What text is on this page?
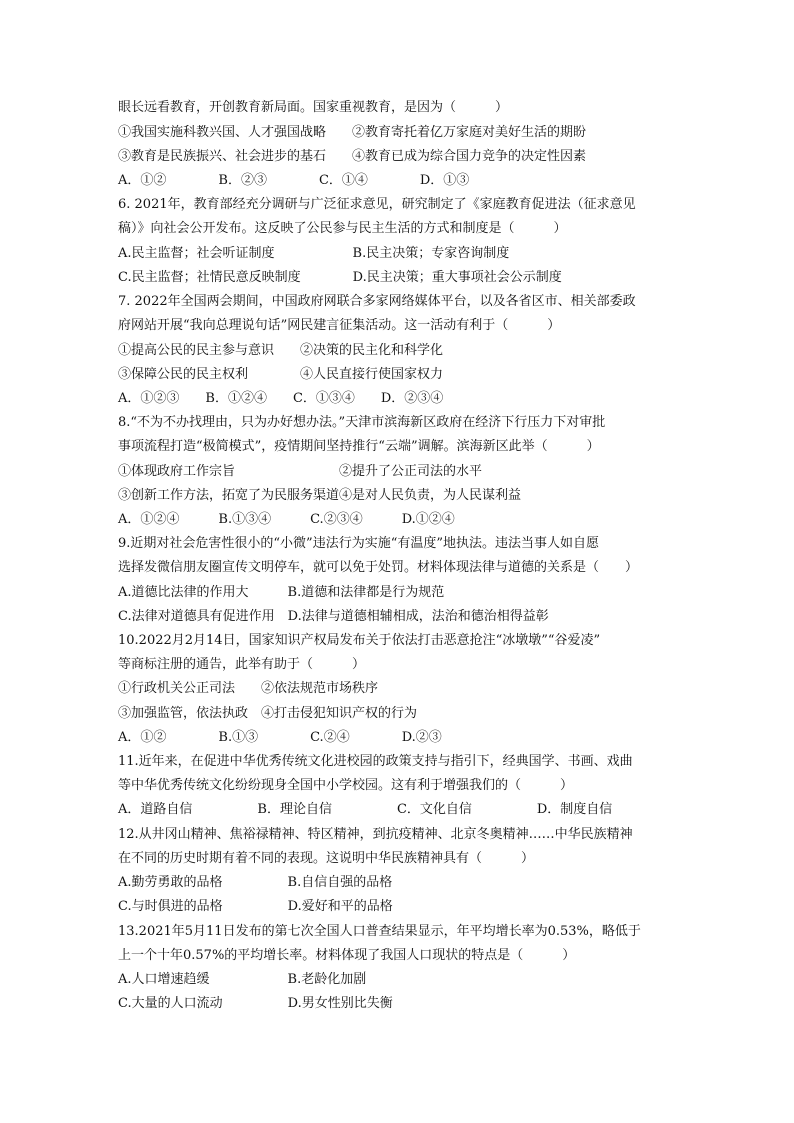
眼长远看教育，开创教育新局面。国家重视教育，是因为（　　　）
①我国实施科教兴国、人才强国战略　　②教育寄托着亿万家庭对美好生活的期盼
③教育是民族振兴、社会进步的基石　　④教育已成为综合国力竞争的决定性因素
A．①②　　　　B．②③　　　　C．①④　　　　D．①③
6. 2021年，教育部经充分调研与广泛征求意见，研究制定了《家庭教育促进法（征求意见
稿）》向社会公开发布。这反映了公民参与民主生活的方式和制度是（　　　）
A.民主监督；社会听证制度　　　　　　B.民主决策；专家咨询制度
C.民主监督；社情民意反映制度　　　　D.民主决策；重大事项社会公示制度
7. 2022年全国两会期间，中国政府网联合多家网络媒体平台，以及各省区市、相关部委政
府网站开展“我向总理说句话”网民建言征集活动。这一活动有利于（　　　）
①提高公民的民主参与意识　　②决策的民主化和科学化
③保障公民的民主权利　　　　④人民直接行使国家权力
A．①②③　　B．①②④　　C．①③④　　D．②③④
8.“不为不办找理由，只为办好想办法。”天津市滨海新区政府在经济下行压力下对审批
事项流程打造“极简模式”，疫情期间坚持推行“云端”调解。滨海新区此举（　　　）
①体现政府工作宗旨　　　　　　　　②提升了公正司法的水平
③创新工作方法，拓宽了为民服务渠道④是对人民负责，为人民谋利益
A．①②④　　　B.①③④　　　C.②③④　　　D.①②④
9.近期对社会危害性很小的“小微”违法行为实施“有温度”地执法。违法当事人如自愿
选择发微信朋友圈宣传文明停车，就可以免于处罚。材料体现法律与道德的关系是（　　）
A.道德比法律的作用大　　　B.道德和法律都是行为规范
C.法律对道德具有促进作用　D.法律与道德相辅相成，法治和德治相得益彰
10.2022月2月14日，国家知识产权局发布关于依法打击恶意抢注“冰墩墩”“谷爱凌”
等商标注册的通告，此举有助于（　　　）
①行政机关公正司法　　②依法规范市场秩序
③加强监管，依法执政　④打击侵犯知识产权的行为
A．①②　　　　B.①③　　　　C.②④　　　　D.②③
11.近年来，在促进中华优秀传统文化进校园的政策支持与指引下，经典国学、书画、戏曲
等中华优秀传统文化纷纷现身全国中小学校园。这有利于增强我们的（　　　）
A．道路自信　　　　　B．理论自信　　　　　C．文化自信　　　　　D．制度自信
12.从井冈山精神、焦裕禄精神、特区精神，到抗疫精神、北京冬奥精神……中华民族精神
在不同的历史时期有着不同的表现。这说明中华民族精神具有（　　　）
A.勤劳勇敢的品格　　　　　B.自信自强的品格
C.与时俱进的品格　　　　　D.爱好和平的品格
13.2021年5月11日发布的第七次全国人口普查结果显示，年平均增长率为0.53%，略低于
上一个十年0.57%的平均增长率。材料体现了我国人口现状的特点是（　　　）
A.人口增速趋缓　　　　　　B.老龄化加剧
C.大量的人口流动　　　　　D.男女性别比失衡
